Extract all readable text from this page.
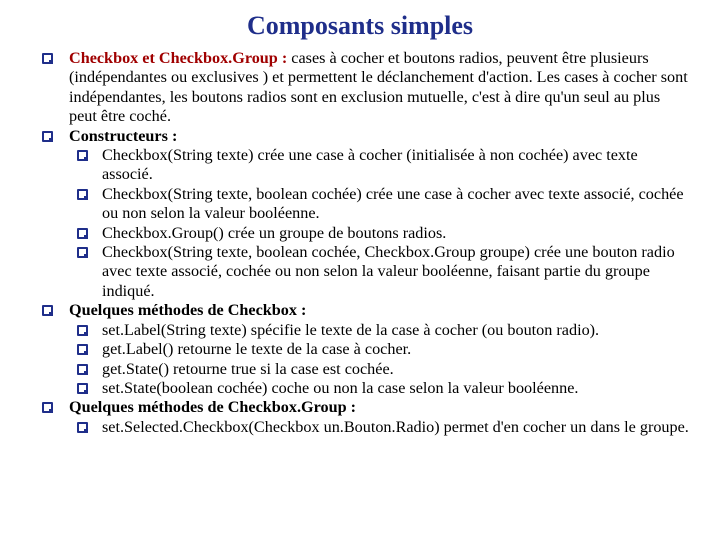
Composants simples
Checkbox et Checkbox.Group : cases à cocher et boutons radios, peuvent être plusieurs (indépendantes ou exclusives ) et permettent le déclanchement d'action. Les cases à cocher sont indépendantes, les boutons radios sont en exclusion mutuelle, c'est à dire qu'un seul au plus peut être coché.
Constructeurs :
Checkbox(String texte) crée une case à cocher (initialisée à non cochée) avec texte associé.
Checkbox(String texte, boolean cochée) crée une case à cocher avec texte associé, cochée ou non selon la valeur booléenne.
Checkbox.Group() crée un groupe de boutons radios.
Checkbox(String texte, boolean cochée, Checkbox.Group groupe) crée une bouton radio avec texte associé, cochée ou non selon la valeur booléenne, faisant partie du groupe indiqué.
Quelques méthodes de Checkbox :
set.Label(String texte) spécifie le texte de la case à cocher (ou bouton radio).
get.Label() retourne le texte de la case à cocher.
get.State() retourne true si la case est cochée.
set.State(boolean cochée) coche ou non la case selon la valeur booléenne.
Quelques méthodes de Checkbox.Group :
set.Selected.Checkbox(Checkbox un.Bouton.Radio) permet d'en cocher un dans le groupe.
